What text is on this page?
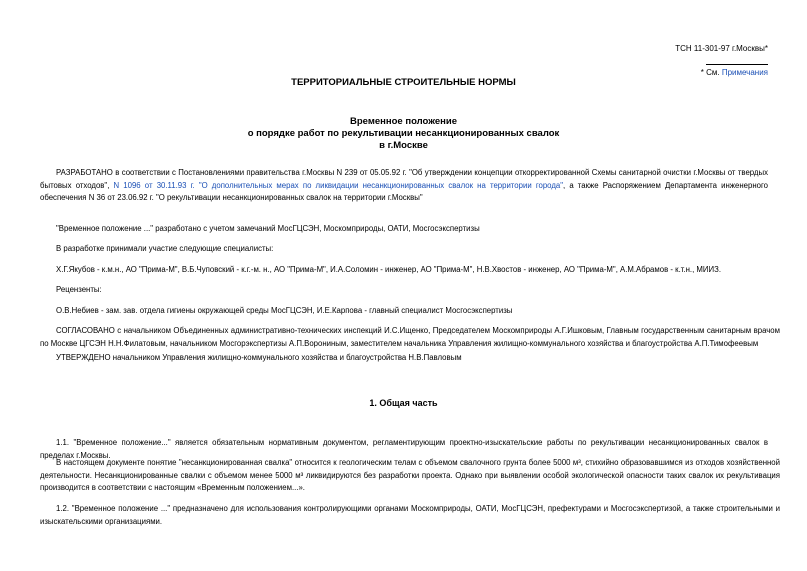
ТСН 11-301-97 г.Москвы*
* См. Примечания
ТЕРРИТОРИАЛЬНЫЕ СТРОИТЕЛЬНЫЕ НОРМЫ
Временное положение
о порядке работ по рекультивации несанкционированных свалок
в г.Москве
РАЗРАБОТАНО в соответствии с Постановлениями правительства г.Москвы N 239 от 05.05.92 г. "Об утверждении концепции откорректированной Схемы санитарной очистки г.Москвы от твердых бытовых отходов", N 1096 от 30.11.93 г. "О дополнительных мерах по ликвидации несанкционированных свалок на территории города", а также Распоряжением Департамента инженерного обеспечения N 36 от 23.06.92 г. "О рекультивации несанкционированных свалок на территории г.Москвы"
"Временное положение ..." разработано с учетом замечаний МосГЦСЭН, Москомприроды, ОАТИ, Мосгосэкспертизы
В разработке принимали участие следующие специалисты:
Х.Г.Якубов - к.м.н., АО "Прима-М", В.Б.Чуповский - к.г.-м. н., АО "Прима-М", И.А.Соломин - инженер, АО "Прима-М", Н.В.Хвостов - инженер, АО "Прима-М", А.М.Абрамов - к.т.н., МИИЗ.
Рецензенты:
О.В.Небиев - зам. зав. отдела гигиены окружающей среды МосГЦСЭН, И.Е.Карпова - главный специалист Мосгосэкспертизы
СОГЛАСОВАНО с начальником Объединенных административно-технических инспекций И.С.Ищенко, Председателем Москомприроды А.Г.Ишковым, Главным государственным санитарным врачом по Москве ЦГСЭН Н.Н.Филатовым, начальником Мосгорэкспертизы А.П.Ворониным, заместителем начальника Управления жилищно-коммунального хозяйства и благоустройства А.П.Тимофеевым
УТВЕРЖДЕНО начальником Управления жилищно-коммунального хозяйства и благоустройства Н.В.Павловым
1. Общая часть
1.1. "Временное положение..." является обязательным нормативным документом, регламентирующим проектно-изыскательские работы по рекультивации несанкционированных свалок в пределах г.Москвы.
В настоящем документе понятие "несанкционированная свалка" относится к геологическим телам с объемом свалочного грунта более 5000 м³, стихийно образовавшимся из отходов хозяйственной деятельности. Несанкционированные свалки с объемом менее 5000 м³ ликвидируются без разработки проекта. Однако при выявлении особой экологической опасности таких свалок их рекультивация производится в соответствии с настоящим «Временным положением...».
1.2. "Временное положение ..." предназначено для использования контролирующими органами Москомприроды, ОАТИ, МосГЦСЭН, префектурами и Мосгосэкспертизой, а также строительными и изыскательскими организациями.
